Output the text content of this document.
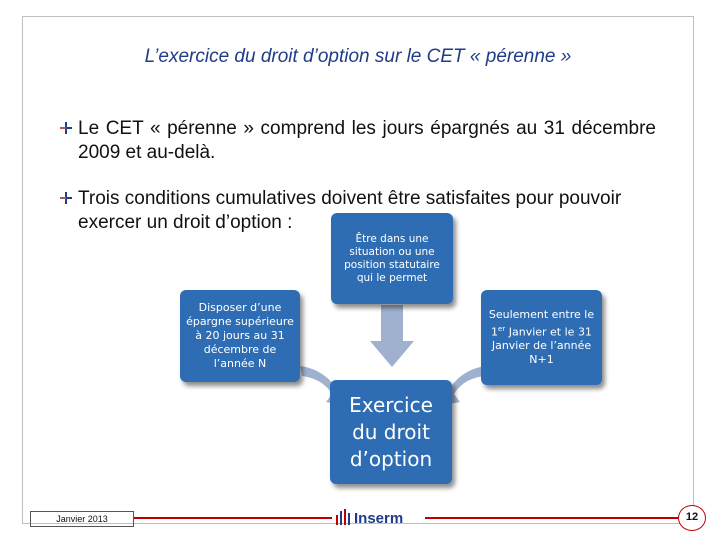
L’exercice du droit d’option sur le CET « pérenne »
Le CET « pérenne » comprend les jours épargnés au 31 décembre 2009 et au-delà.
Trois conditions cumulatives doivent être satisfaites pour pouvoir exercer un droit d’option :
Être dans une situation ou une position statutaire qui le permet
Disposer d’une épargne supérieure à 20 jours au 31 décembre de l’année N
Seulement entre le 1er Janvier et le 31 Janvier de l’année N+1
Exercice
du droit
d’option
Janvier 2013	Inserm	12
